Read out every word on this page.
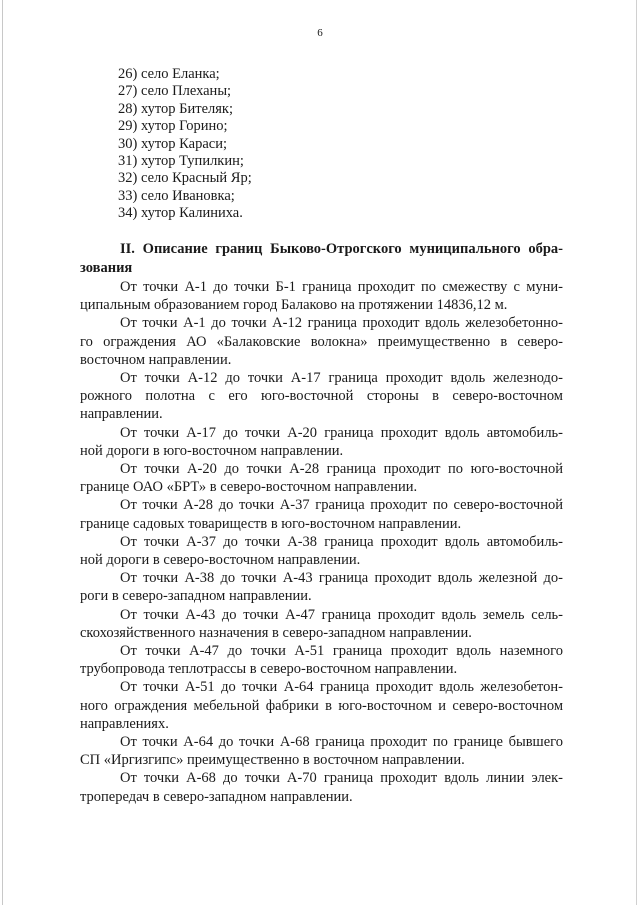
6
26) село Еланка;
27) село Плеханы;
28) хутор Бителяк;
29) хутор Горино;
30) хутор Караси;
31) хутор Тупилкин;
32) село Красный Яр;
33) село Ивановка;
34) хутор Калиниха.
II. Описание границ Быково-Отрогского муниципального обра-
зования

От точки А-1 до точки Б-1 граница проходит по смежеству с муни-
ципальным образованием город Балаково на протяжении 14836,12 м.

От точки А-1 до точки А-12 граница проходит вдоль железобетонно-
го ограждения АО «Балаковские волокна» преимущественно в северо-
восточном направлении.

От точки А-12 до точки А-17 граница проходит вдоль железнодо-
рожного полотна с его юго-восточной стороны в северо-восточном
направлении.

От точки А-17 до точки А-20 граница проходит вдоль автомобиль-
ной дороги в юго-восточном направлении.

От точки А-20 до точки А-28 граница проходит по юго-восточной
границе ОАО «БРТ» в северо-восточном направлении.

От точки А-28 до точки А-37 граница проходит по северо-восточной
границе садовых товариществ в юго-восточном направлении.

От точки А-37 до точки А-38 граница проходит вдоль автомобиль-
ной дороги в северо-восточном направлении.

От точки А-38 до точки А-43 граница проходит вдоль железной до-
роги в северо-западном направлении.

От точки А-43 до точки А-47 граница проходит вдоль земель сель-
скохозяйственного назначения в северо-западном направлении.

От точки А-47 до точки А-51 граница проходит вдоль наземного
трубопровода теплотрассы в северо-восточном направлении.

От точки А-51 до точки А-64 граница проходит вдоль железобетон-
ного ограждения мебельной фабрики в юго-восточном и северо-восточном
направлениях.

От точки А-64 до точки А-68 граница проходит по границе бывшего
СП «Иргизгипс» преимущественно в восточном направлении.

От точки А-68 до точки А-70 граница проходит вдоль линии элек-
тропередач в северо-западном направлении.
